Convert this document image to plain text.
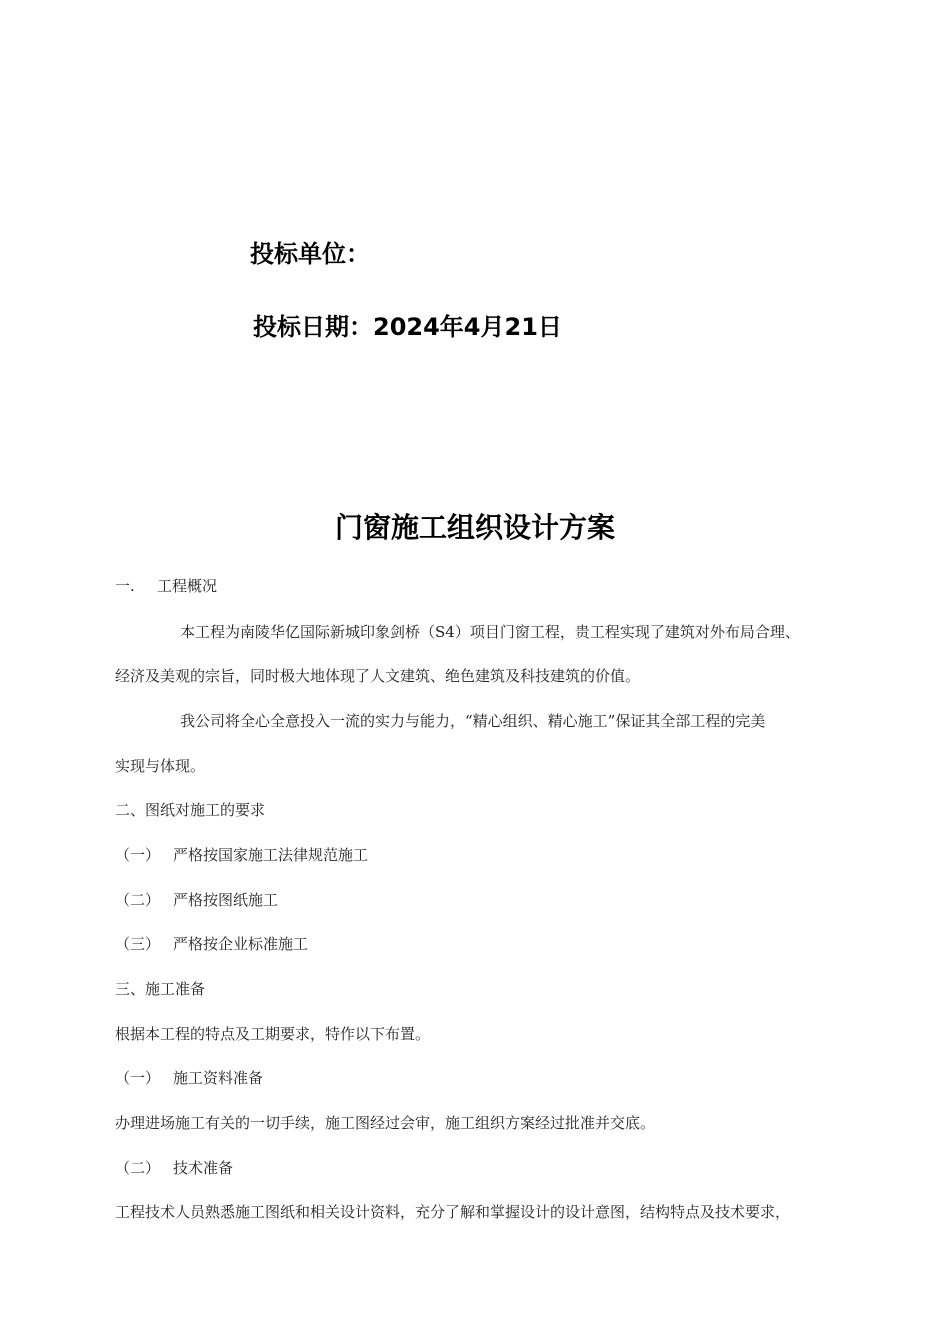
投标单位：
投标日期：2024年4月21日
门窗施工组织设计方案
一. 工程概况
本工程为南陵华亿国际新城印象剑桥（S4）项目门窗工程，贵工程实现了建筑对外布局合理、
经济及美观的宗旨，同时极大地体现了人文建筑、绝色建筑及科技建筑的价值。
我公司将全心全意投入一流的实力与能力，“精心组织、精心施工”保证其全部工程的完美
实现与体现。
二、图纸对施工的要求
（一） 严格按国家施工法律规范施工
（二） 严格按图纸施工
（三） 严格按企业标准施工
三、施工准备
根据本工程的特点及工期要求，特作以下布置。
（一） 施工资料准备
办理进场施工有关的一切手续，施工图经过会审，施工组织方案经过批准并交底。
（二） 技术准备
工程技术人员熟悉施工图纸和相关设计资料，充分了解和掌握设计的设计意图，结构特点及技术要求，
